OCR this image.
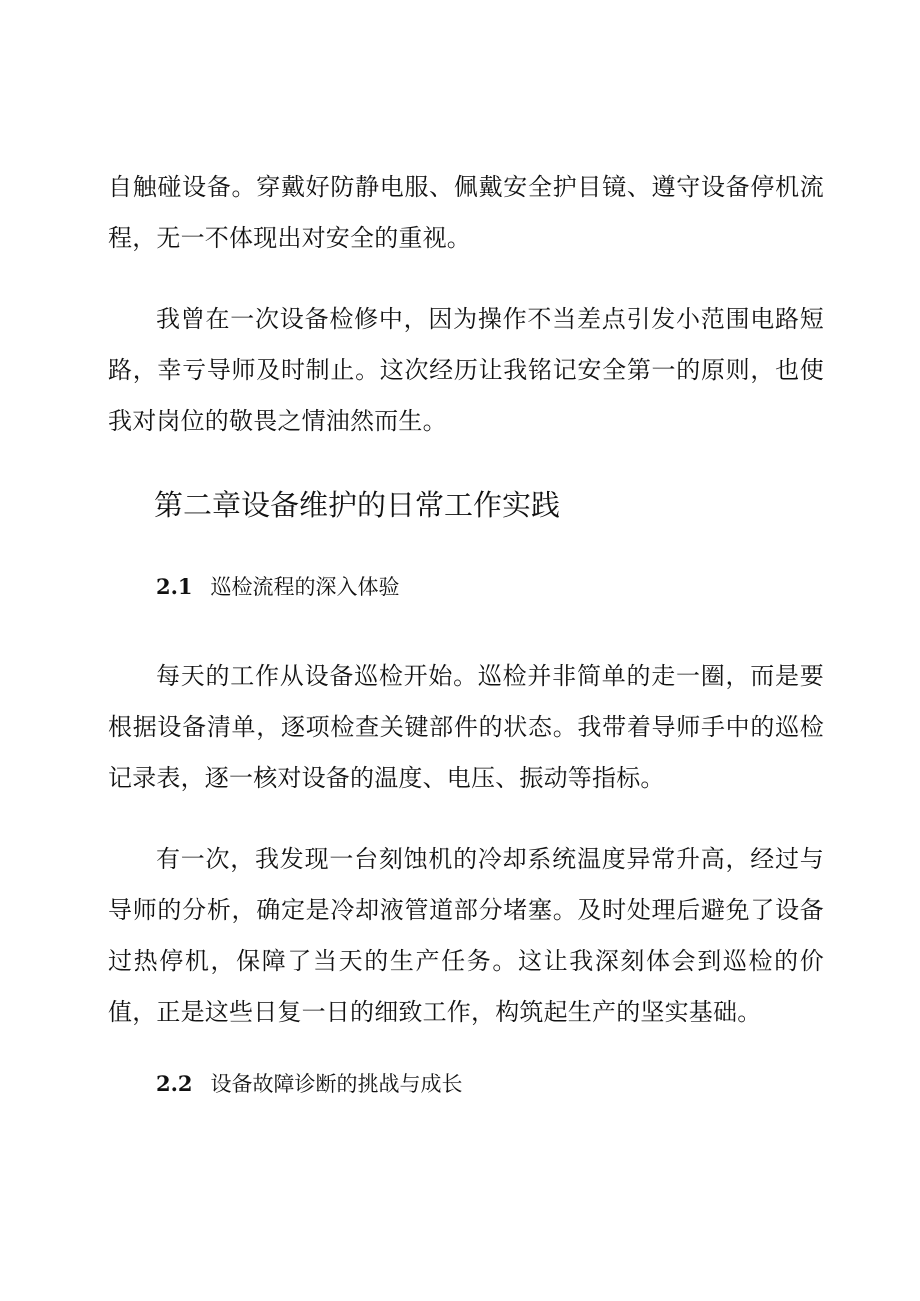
自触碰设备。穿戴好防静电服、佩戴安全护目镜、遵守设备停机流程，无一不体现出对安全的重视。

我曾在一次设备检修中，因为操作不当差点引发小范围电路短路，幸亏导师及时制止。这次经历让我铭记安全第一的原则，也使我对岗位的敬畏之情油然而生。

第二章设备维护的日常工作实践
2.1 巡检流程的深入体验

每天的工作从设备巡检开始。巡检并非简单的走一圈，而是要根据设备清单，逐项检查关键部件的状态。我带着导师手中的巡检记录表，逐一核对设备的温度、电压、振动等指标。

有一次，我发现一台刻蚀机的冷却系统温度异常升高，经过与导师的分析，确定是冷却液管道部分堵塞。及时处理后避免了设备过热停机，保障了当天的生产任务。这让我深刻体会到巡检的价值，正是这些日复一日的细致工作，构筑起生产的坚实基础。

2.2 设备故障诊断的挑战与成长
